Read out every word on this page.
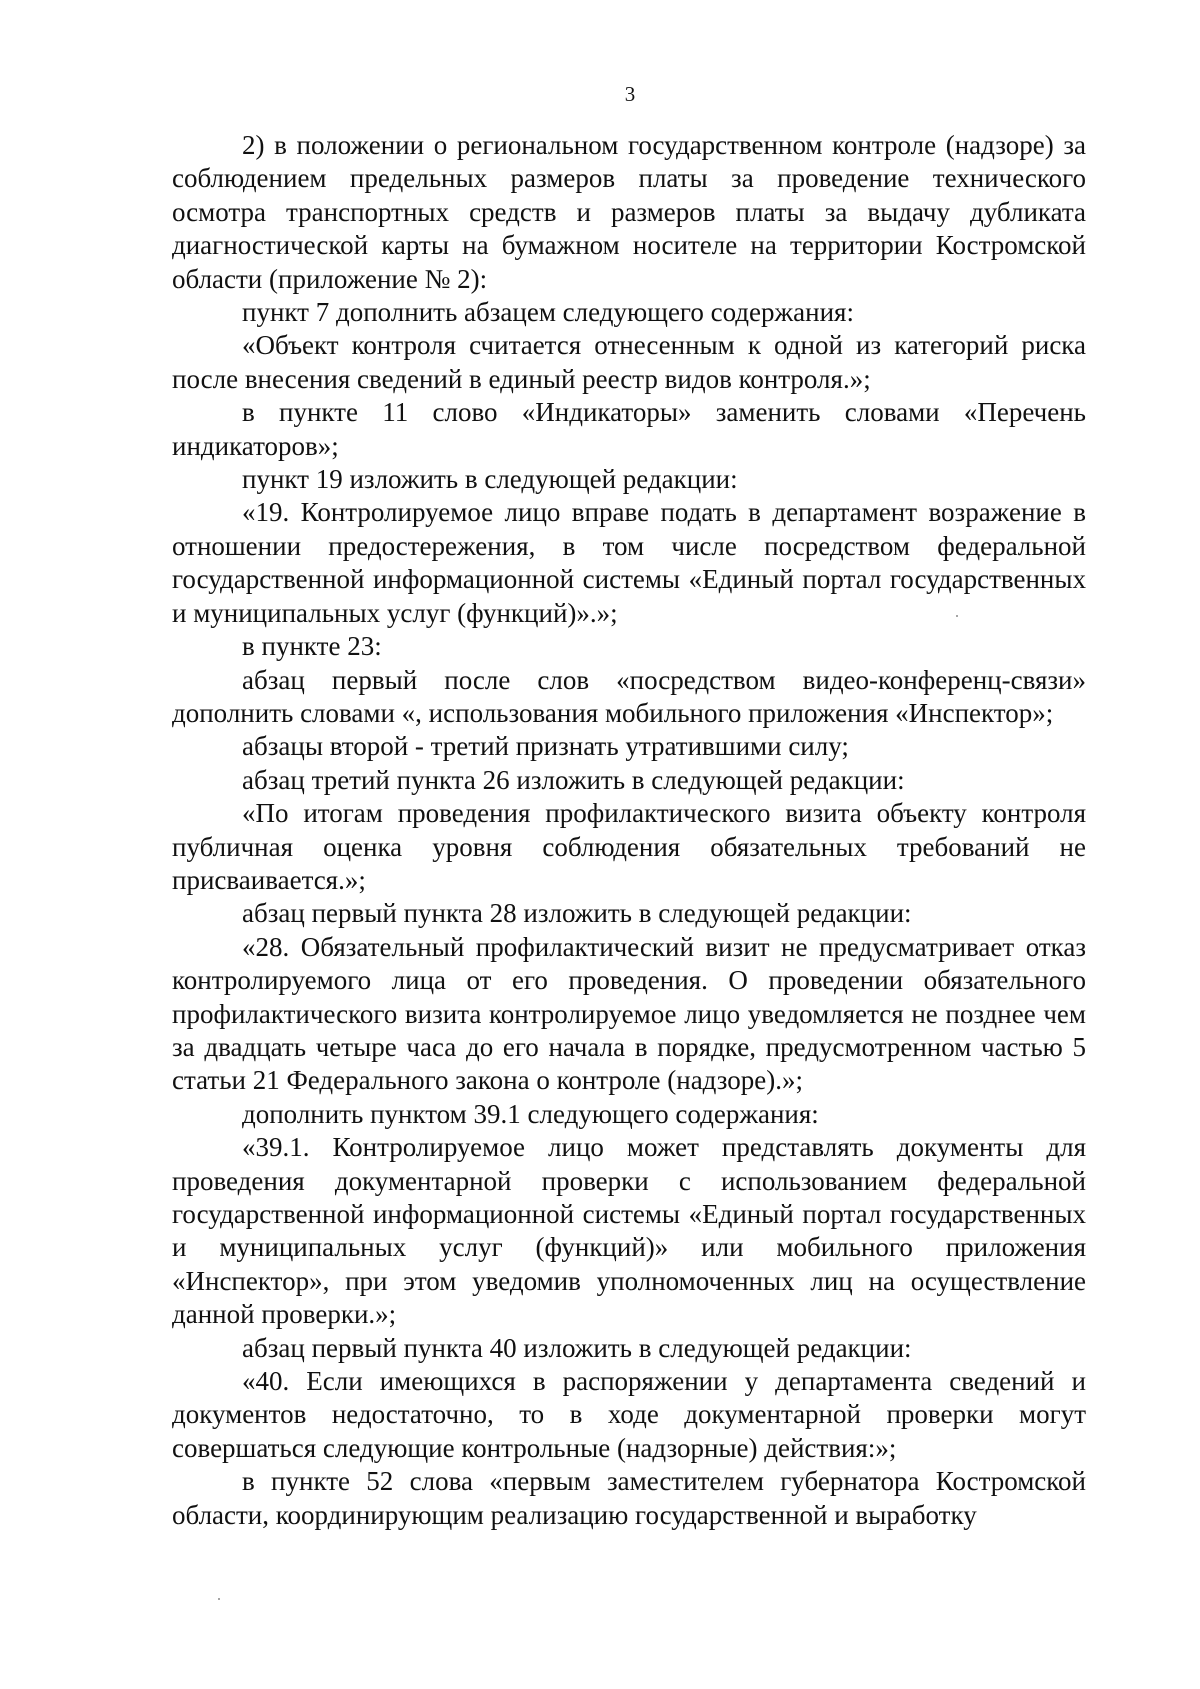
3

2) в положении о региональном государственном контроле (надзоре) за соблюдением предельных размеров платы за проведение технического осмотра транспортных средств и размеров платы за выдачу дубликата диагностической карты на бумажном носителе на территории Костромской области (приложение № 2):

пункт 7 дополнить абзацем следующего содержания:

«Объект контроля считается отнесенным к одной из категорий риска после внесения сведений в единый реестр видов контроля.»;

в пункте 11 слово «Индикаторы» заменить словами «Перечень индикаторов»;

пункт 19 изложить в следующей редакции:

«19. Контролируемое лицо вправе подать в департамент возражение в отношении предостережения, в том числе посредством федеральной государственной информационной системы «Единый портал государственных и муниципальных услуг (функций)».»;

в пункте 23:

абзац первый после слов «посредством видео-конференц-связи» дополнить словами «, использования мобильного приложения «Инспектор»;

абзацы второй - третий признать утратившими силу;

абзац третий пункта 26 изложить в следующей редакции:

«По итогам проведения профилактического визита объекту контроля публичная оценка уровня соблюдения обязательных требований не присваивается.»;

абзац первый пункта 28 изложить в следующей редакции:

«28. Обязательный профилактический визит не предусматривает отказ контролируемого лица от его проведения. О проведении обязательного профилактического визита контролируемое лицо уведомляется не позднее чем за двадцать четыре часа до его начала в порядке, предусмотренном частью 5 статьи 21 Федерального закона о контроле (надзоре).»;

дополнить пунктом 39.1 следующего содержания:

«39.1. Контролируемое лицо может представлять документы для проведения документарной проверки с использованием федеральной государственной информационной системы «Единый портал государственных и муниципальных услуг (функций)» или мобильного приложения «Инспектор», при этом уведомив уполномоченных лиц на осуществление данной проверки.»;

абзац первый пункта 40 изложить в следующей редакции:

«40. Если имеющихся в распоряжении у департамента сведений и документов недостаточно, то в ходе документарной проверки могут совершаться следующие контрольные (надзорные) действия:»;

в пункте 52 слова «первым заместителем губернатора Костромской области, координирующим реализацию государственной и выработку
